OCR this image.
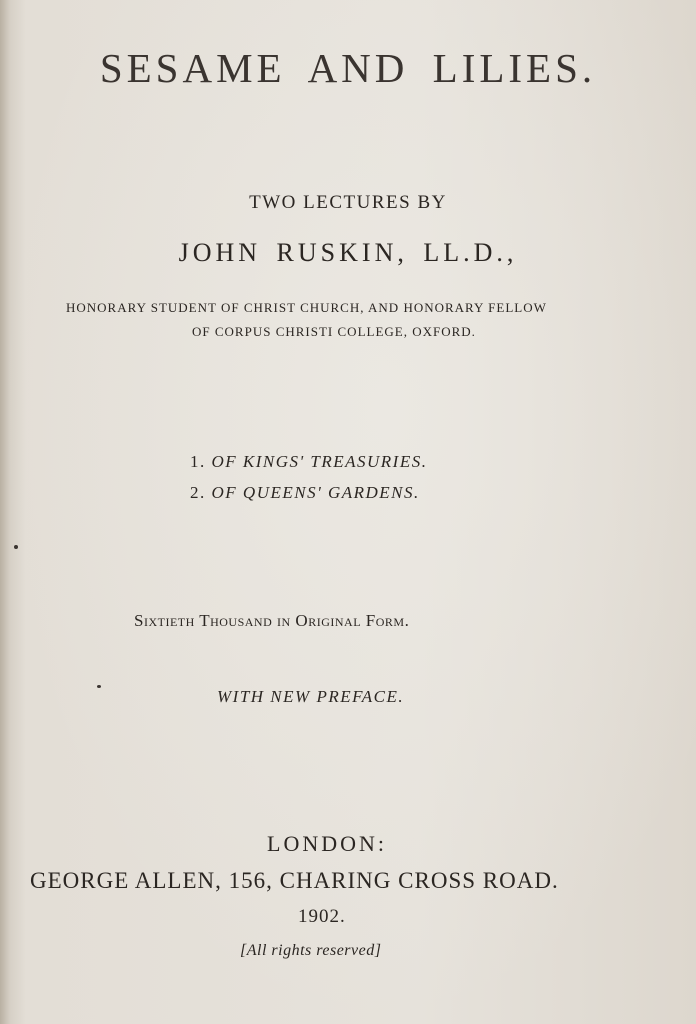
SESAME AND LILIES.
TWO LECTURES BY
JOHN RUSKIN, LL.D.,
HONORARY STUDENT OF CHRIST CHURCH, AND HONORARY FELLOW
OF CORPUS CHRISTI COLLEGE, OXFORD.
1. OF KINGS' TREASURIES.
2. OF QUEENS' GARDENS.
Sixtieth Thousand in Original Form.
WITH NEW PREFACE.
LONDON:
GEORGE ALLEN, 156, CHARING CROSS ROAD.
1902.
[All rights reserved]
